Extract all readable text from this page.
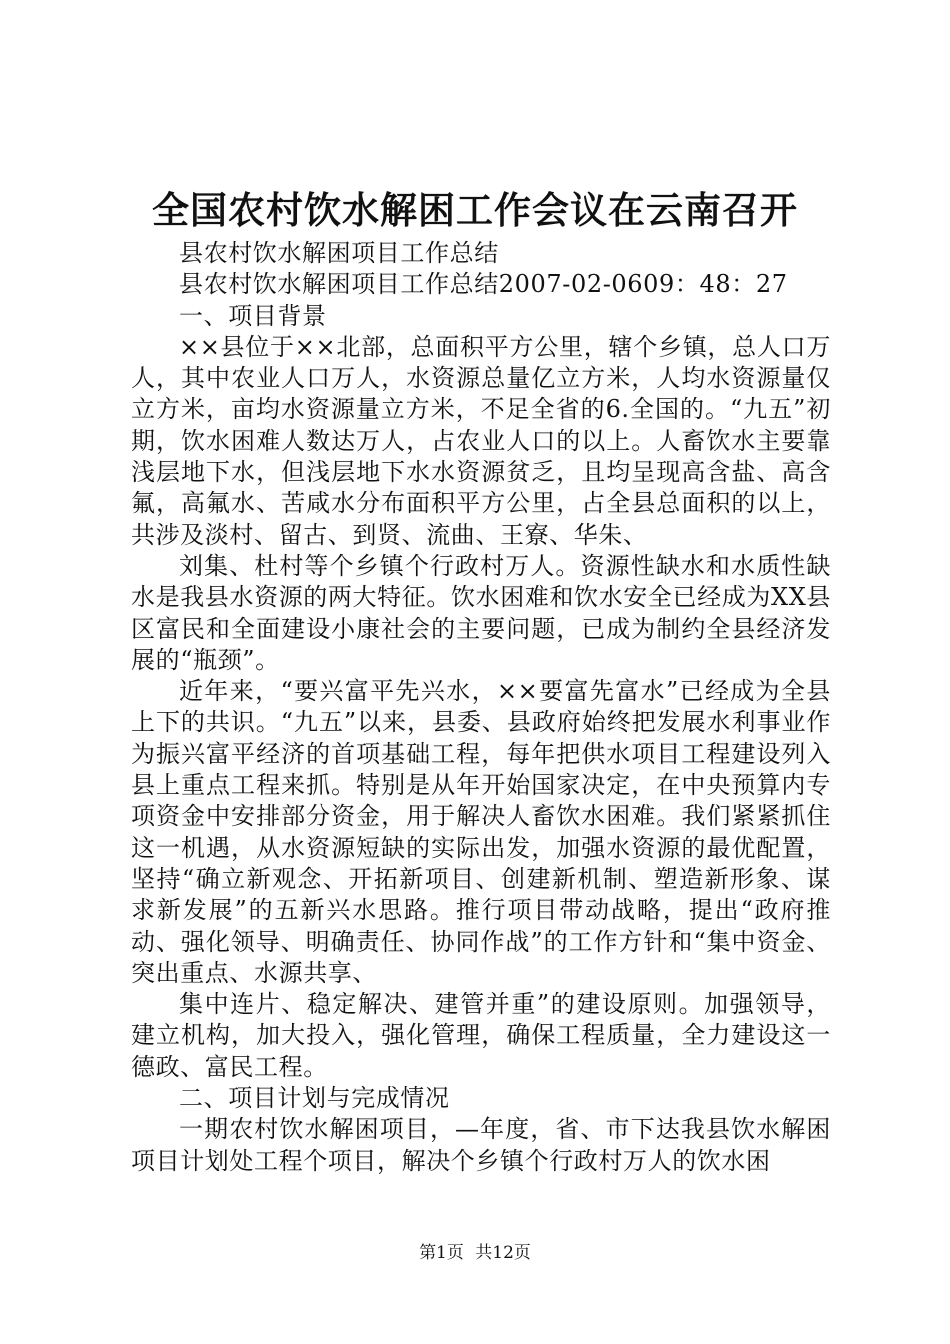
全国农村饮水解困工作会议在云南召开

县农村饮水解困项目工作总结

县农村饮水解困项目工作总结2007-02-0609：48：27

一、项目背景

××县位于××北部，总面积平方公里，辖个乡镇，总人口万人，其中农业人口万人，水资源总量亿立方米，人均水资源量仅立方米，亩均水资源量立方米，不足全省的6.全国的。“九五”初期，饮水困难人数达万人，占农业人口的以上。人畜饮水主要靠浅层地下水，但浅层地下水水资源贫乏，且均呈现高含盐、高含氟，高氟水、苦咸水分布面积平方公里，占全县总面积的以上，共涉及淡村、留古、到贤、流曲、王寮、华朱、

刘集、杜村等个乡镇个行政村万人。资源性缺水和水质性缺水是我县水资源的两大特征。饮水困难和饮水安全已经成为XX县区富民和全面建设小康社会的主要问题，已成为制约全县经济发展的“瓶颈”。

近年来，“要兴富平先兴水，××要富先富水”已经成为全县上下的共识。“九五”以来，县委、县政府始终把发展水利事业作为振兴富平经济的首项基础工程，每年把供水项目工程建设列入县上重点工程来抓。特别是从年开始国家决定，在中央预算内专项资金中安排部分资金，用于解决人畜饮水困难。我们紧紧抓住这一机遇，从水资源短缺的实际出发，加强水资源的最优配置，坚持“确立新观念、开拓新项目、创建新机制、塑造新形象、谋求新发展”的五新兴水思路。推行项目带动战略，提出“政府推动、强化领导、明确责任、协同作战”的工作方针和“集中资金、突出重点、水源共享、

集中连片、稳定解决、建管并重”的建设原则。加强领导，建立机构，加大投入，强化管理，确保工程质量，全力建设这一德政、富民工程。

二、项目计划与完成情况

一期农村饮水解困项目，—年度，省、市下达我县饮水解困项目计划处工程个项目，解决个乡镇个行政村万人的饮水困

第1页 共12页
